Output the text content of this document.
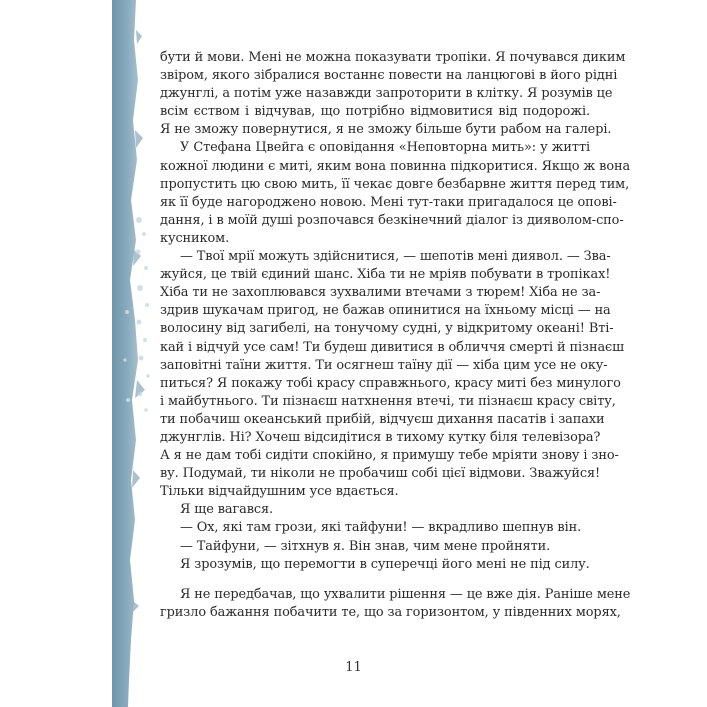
бути й мови. Мені не можна показувати тропіки. Я почувався диким
звіром, якого зібралися востаннє повести на ланцюгові в його рідні
джунглі, а потім уже назавжди запроторити в клітку. Я розумів це
всім єством і відчував, що потрібно відмовитися від подорожі.
Я не зможу повернутися, я не зможу більше бути рабом на галері.
У Стефана Цвейга є оповідання «Неповторна мить»: у житті
кожної людини є миті, яким вона повинна підкоритися. Якщо ж вона
пропустить цю свою мить, її чекає довге безбарвне життя перед тим,
як її буде нагороджено новою. Мені тут-таки пригадалося це опові-
дання, і в моїй душі розпочався безкінечний діалог із дияволом-спо-
кусником.
— Твої мрії можуть здійснитися, — шепотів мені диявол. — Зва-
жуйся, це твій єдиний шанс. Хіба ти не мріяв побувати в тропіках!
Хіба ти не захоплювався зухвалими втечами з тюрем! Хіба не за-
здрив шукачам пригод, не бажав опинитися на їхньому місці — на
волосину від загибелі, на тонучому судні, у відкритому океані! Вті-
кай і відчуй усе сам! Ти будеш дивитися в обличчя смерті й пізнаєш
заповітні таїни життя. Ти осягнеш таїну дії — хіба цим усе не оку-
питься? Я покажу тобі красу справжнього, красу миті без минулого
і майбутнього. Ти пізнаєш натхнення втечі, ти пізнаєш красу світу,
ти побачиш океанський прибій, відчуєш дихання пасатів і запахи
джунглів. Ні? Хочеш відсидітися в тихому кутку біля телевізора?
А я не дам тобі сидіти спокійно, я примушу тебе мріяти знову і зно-
ву. Подумай, ти ніколи не пробачиш собі цієї відмови. Зважуйся!
Тільки відчайдушним усе вдається.
Я ще вагався.
— Ох, які там грози, які тайфуни! — вкрадливо шепнув він.
— Тайфуни, — зітхнув я. Він знав, чим мене пройняти.
Я зрозумів, що перемогти в суперечці його мені не під силу.
Я не передбачав, що ухвалити рішення — це вже дія. Раніше мене
гризло бажання побачити те, що за горизонтом, у південних морях,
11
